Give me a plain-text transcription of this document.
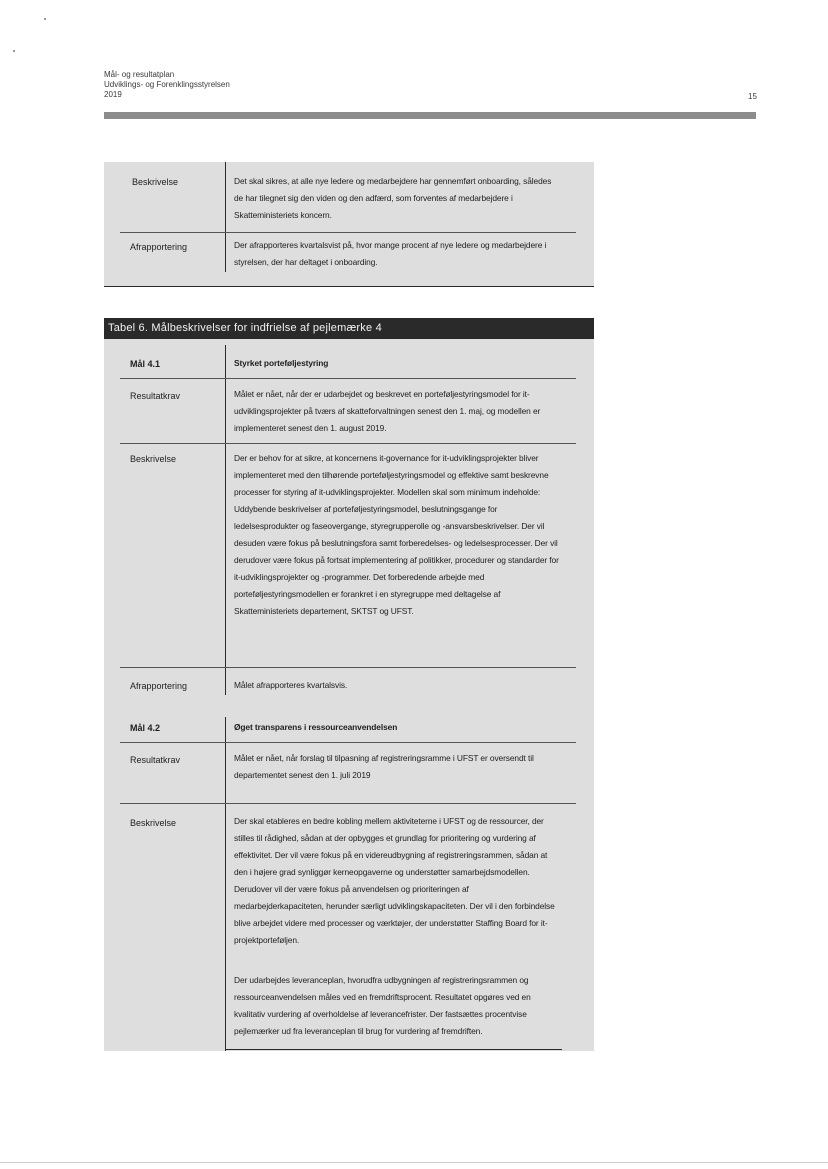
Mål- og resultatplan
Udviklings- og Forenklingsstyrelsen
2019	15
Beskrivelse	Det skal sikres, at alle nye ledere og medarbejdere har gennemført onboarding, således de har tilegnet sig den viden og den adfærd, som forventes af medarbejdere i Skatteministeriets koncern.
Afrapportering	Der afrapporteres kvartalsvist på, hvor mange procent af nye ledere og medarbejdere i styrelsen, der har deltaget i onboarding.
Tabel 6. Målbeskrivelser for indfrielse af pejlemærke 4
Mål 4.1	Styrket porteføljestyring
Resultatkrav	Målet er nået, når der er udarbejdet og beskrevet en porteføljestyringsmodel for it-udviklingsprojekter på tværs af skatteforvaltningen senest den 1. maj, og modellen er implementeret senest den 1. august 2019.
Beskrivelse	Der er behov for at sikre, at koncernens it-governance for it-udviklingsprojekter bliver implementeret med den tilhørende porteføljestyringsmodel og effektive samt beskrevne processer for styring af it-udviklingsprojekter. Modellen skal som minimum indeholde: Uddybende beskrivelser af porteføljestyringsmodel, beslutningsgange for ledelsesprodukter og faseovergange, styregrupperolle og -ansvarsbeskrivelser. Der vil desuden være fokus på beslutningsfora samt forberedelses- og ledelsesprocesser. Der vil derudover være fokus på fortsat implementering af politikker, procedurer og standarder for it-udviklingsprojekter og -programmer. Det forberedende arbejde med porteføljestyringsmodellen er forankret i en styregruppe med deltagelse af Skatteministeriets departement, SKTST og UFST.
Afrapportering	Målet afrapporteres kvartalsvis.
Mål 4.2	Øget transparens i ressourceanvendelsen
Resultatkrav	Målet er nået, når forslag til tilpasning af registreringsramme i UFST er oversendt til departementet senest den 1. juli 2019
Beskrivelse	Der skal etableres en bedre kobling mellem aktiviteterne i UFST og de ressourcer, der stilles til rådighed, sådan at der opbygges et grundlag for prioritering og vurdering af effektivitet. Der vil være fokus på en videreudbygning af registreringsrammen, sådan at den i højere grad synliggør kerneopgaverne og understøtter samarbejdsmodellen. Derudover vil der være fokus på anvendelsen og prioriteringen af medarbejderkapaciteten, herunder særligt udviklingskapaciteten. Der vil i den forbindelse blive arbejdet videre med processer og værktøjer, der understøtter Staffing Board for it-projektporteføljen.
Der udarbejdes leveranceplan, hvorudfra udbygningen af registreringsrammen og ressourceanvendelsen måles ved en fremdriftsprocent. Resultatet opgøres ved en kvalitativ vurdering af overholdelse af leverancefrister. Der fastsættes procentvise pejlemærker ud fra leveranceplan til brug for vurdering af fremdriften.
